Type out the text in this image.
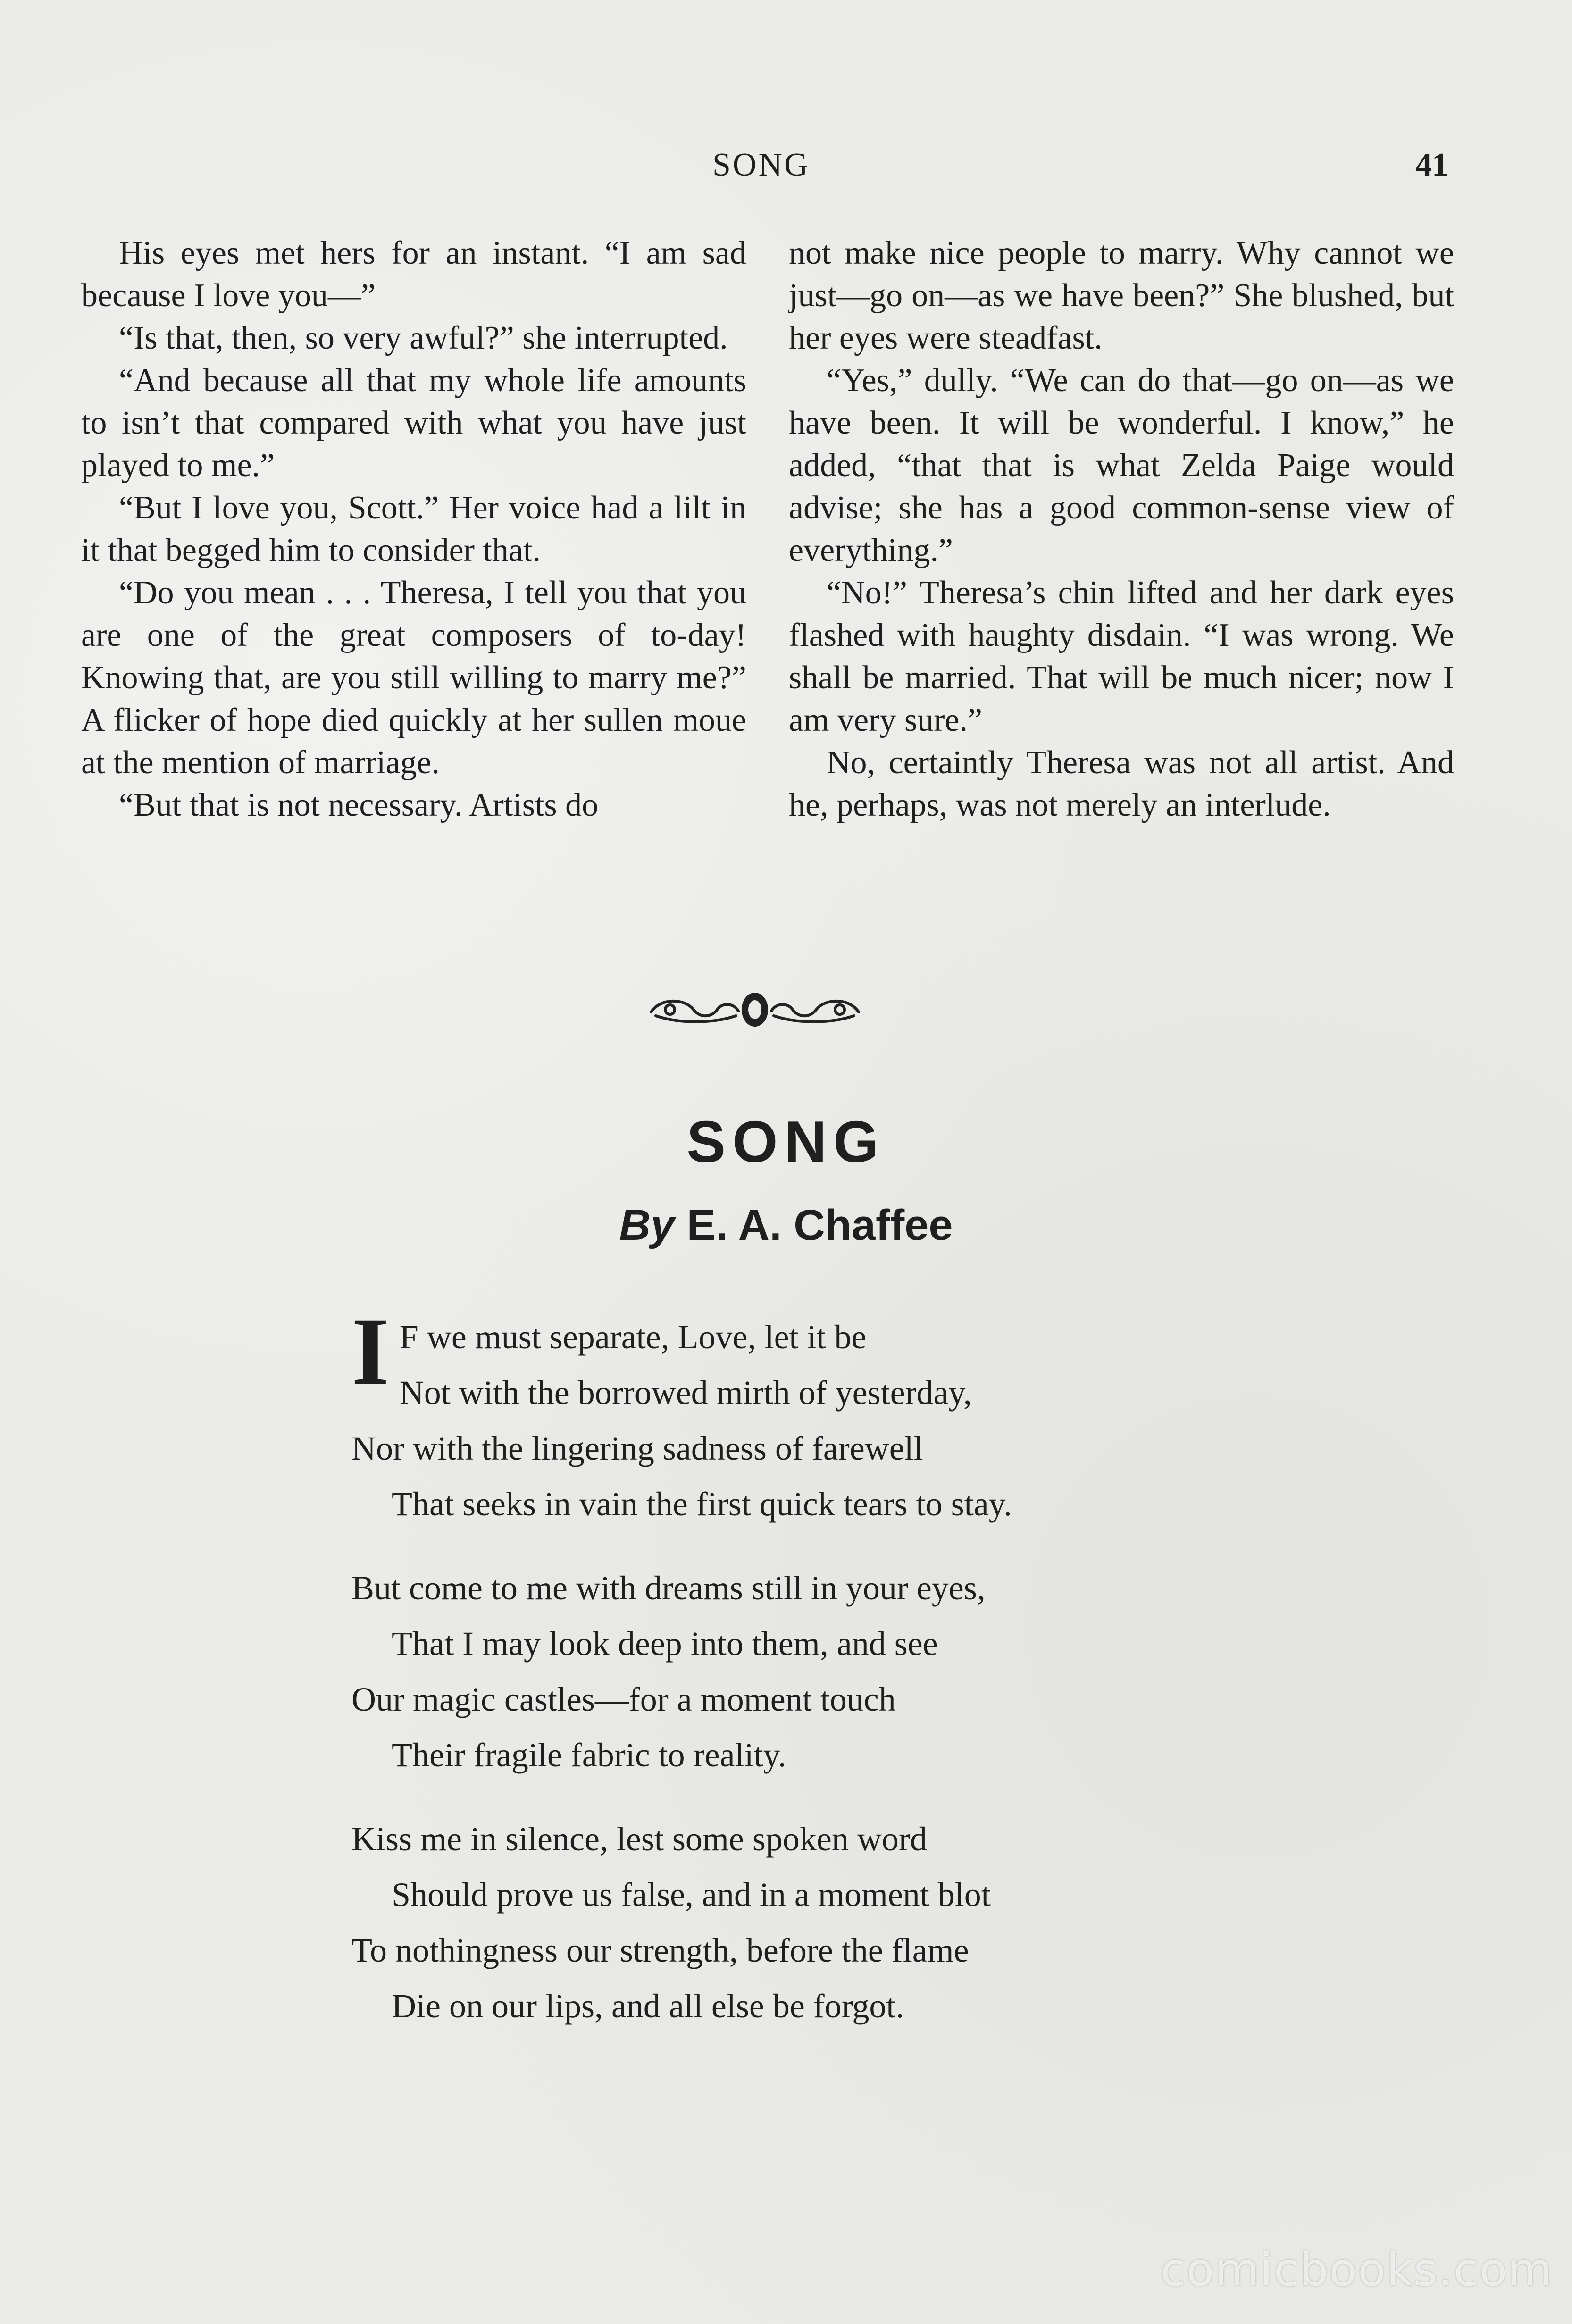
SONG	41

His eyes met hers for an instant. “I am sad because I love you—”

“Is that, then, so very awful?” she interrupted.

“And because all that my whole life amounts to isn’t that compared with what you have just played to me.”

“But I love you, Scott.” Her voice had a lilt in it that begged him to consider that.

“Do you mean . . . Theresa, I tell you that you are one of the great composers of to-day! Knowing that, are you still willing to marry me?” A flicker of hope died quickly at her sullen moue at the mention of marriage.

“But that is not necessary. Artists do

not make nice people to marry. Why cannot we just—go on—as we have been?” She blushed, but her eyes were steadfast.

“Yes,” dully. “We can do that—go on—as we have been. It will be wonderful. I know,” he added, “that that is what Zelda Paige would advise; she has a good common-sense view of everything.”

“No!” Theresa’s chin lifted and her dark eyes flashed with haughty disdain. “I was wrong. We shall be married. That will be much nicer; now I am very sure.”

No, certaintly Theresa was not all artist. And he, perhaps, was not merely an interlude.

SONG
By E. A. Chaffee
I F we must separate, Love, let it be
Not with the borrowed mirth of yesterday,
Nor with the lingering sadness of farewell
That seeks in vain the first quick tears to stay.
But come to me with dreams still in your eyes,
That I may look deep into them, and see
Our magic castles—for a moment touch
Their fragile fabric to reality.
Kiss me in silence, lest some spoken word
Should prove us false, and in a moment blot
To nothingness our strength, before the flame
Die on our lips, and all else be forgot.
comicbooks.com
